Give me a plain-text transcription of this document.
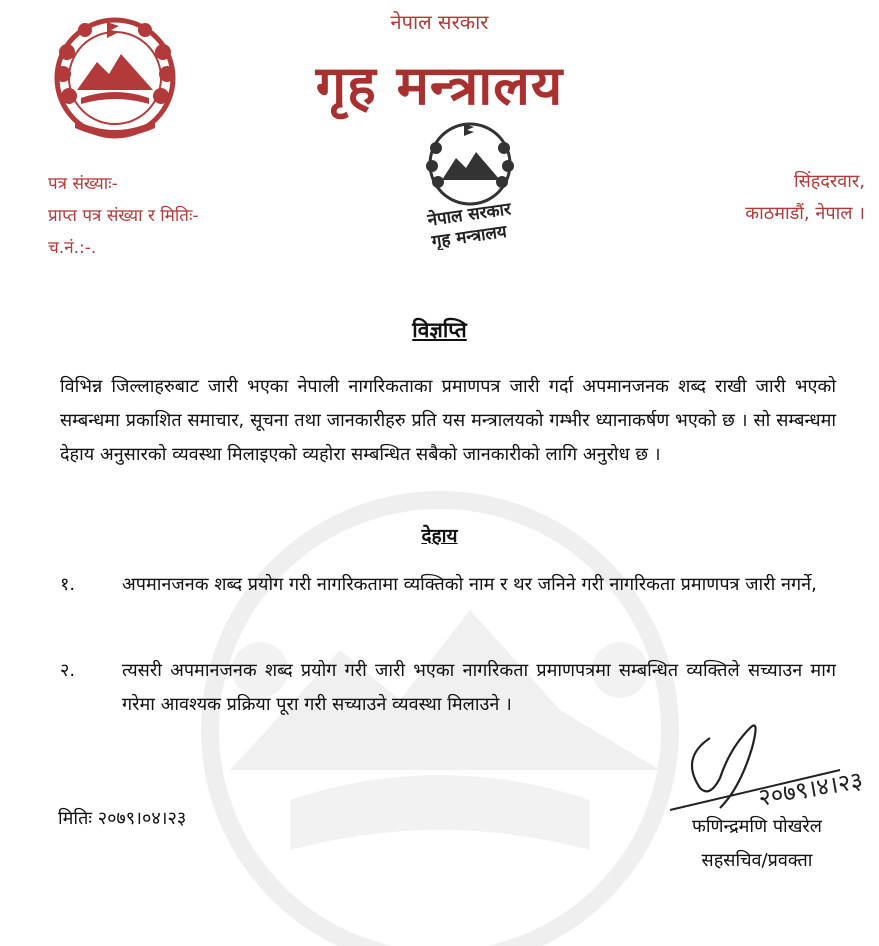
नेपाल सरकार
गृह मन्त्रालय
नेपाल सरकार
गृह मन्त्रालय
पत्र संख्याः-
प्राप्त पत्र संख्या र मितिः-
च.नं.:-.
सिंहदरवार,
काठमाडौं, नेपाल ।
विज्ञप्ति
विभिन्न जिल्लाहरुबाट जारी भएका नेपाली नागरिकताका प्रमाणपत्र जारी गर्दा अपमानजनक शब्द राखी जारी भएको सम्बन्धमा प्रकाशित समाचार, सूचना तथा जानकारीहरु प्रति यस मन्त्रालयको गम्भीर ध्यानाकर्षण भएको छ । सो सम्बन्धमा देहाय अनुसारको व्यवस्था मिलाइएको व्यहोरा सम्बन्धित सबैको जानकारीको लागि अनुरोध छ ।
देहाय
१.	अपमानजनक शब्द प्रयोग गरी नागरिकतामा व्यक्तिको नाम र थर जनिने गरी नागरिकता प्रमाणपत्र जारी नगर्ने,
२.	त्यसरी अपमानजनक शब्द प्रयोग गरी जारी भएका नागरिकता प्रमाणपत्रमा सम्बन्धित व्यक्तिले सच्याउन माग गरेमा आवश्यक प्रक्रिया पूरा गरी सच्याउने व्यवस्था मिलाउने ।
मितिः २०७९।०४।२३
२०७९।४।२३
फणिन्द्रमणि पोखरेल
सहसचिव/प्रवक्ता
